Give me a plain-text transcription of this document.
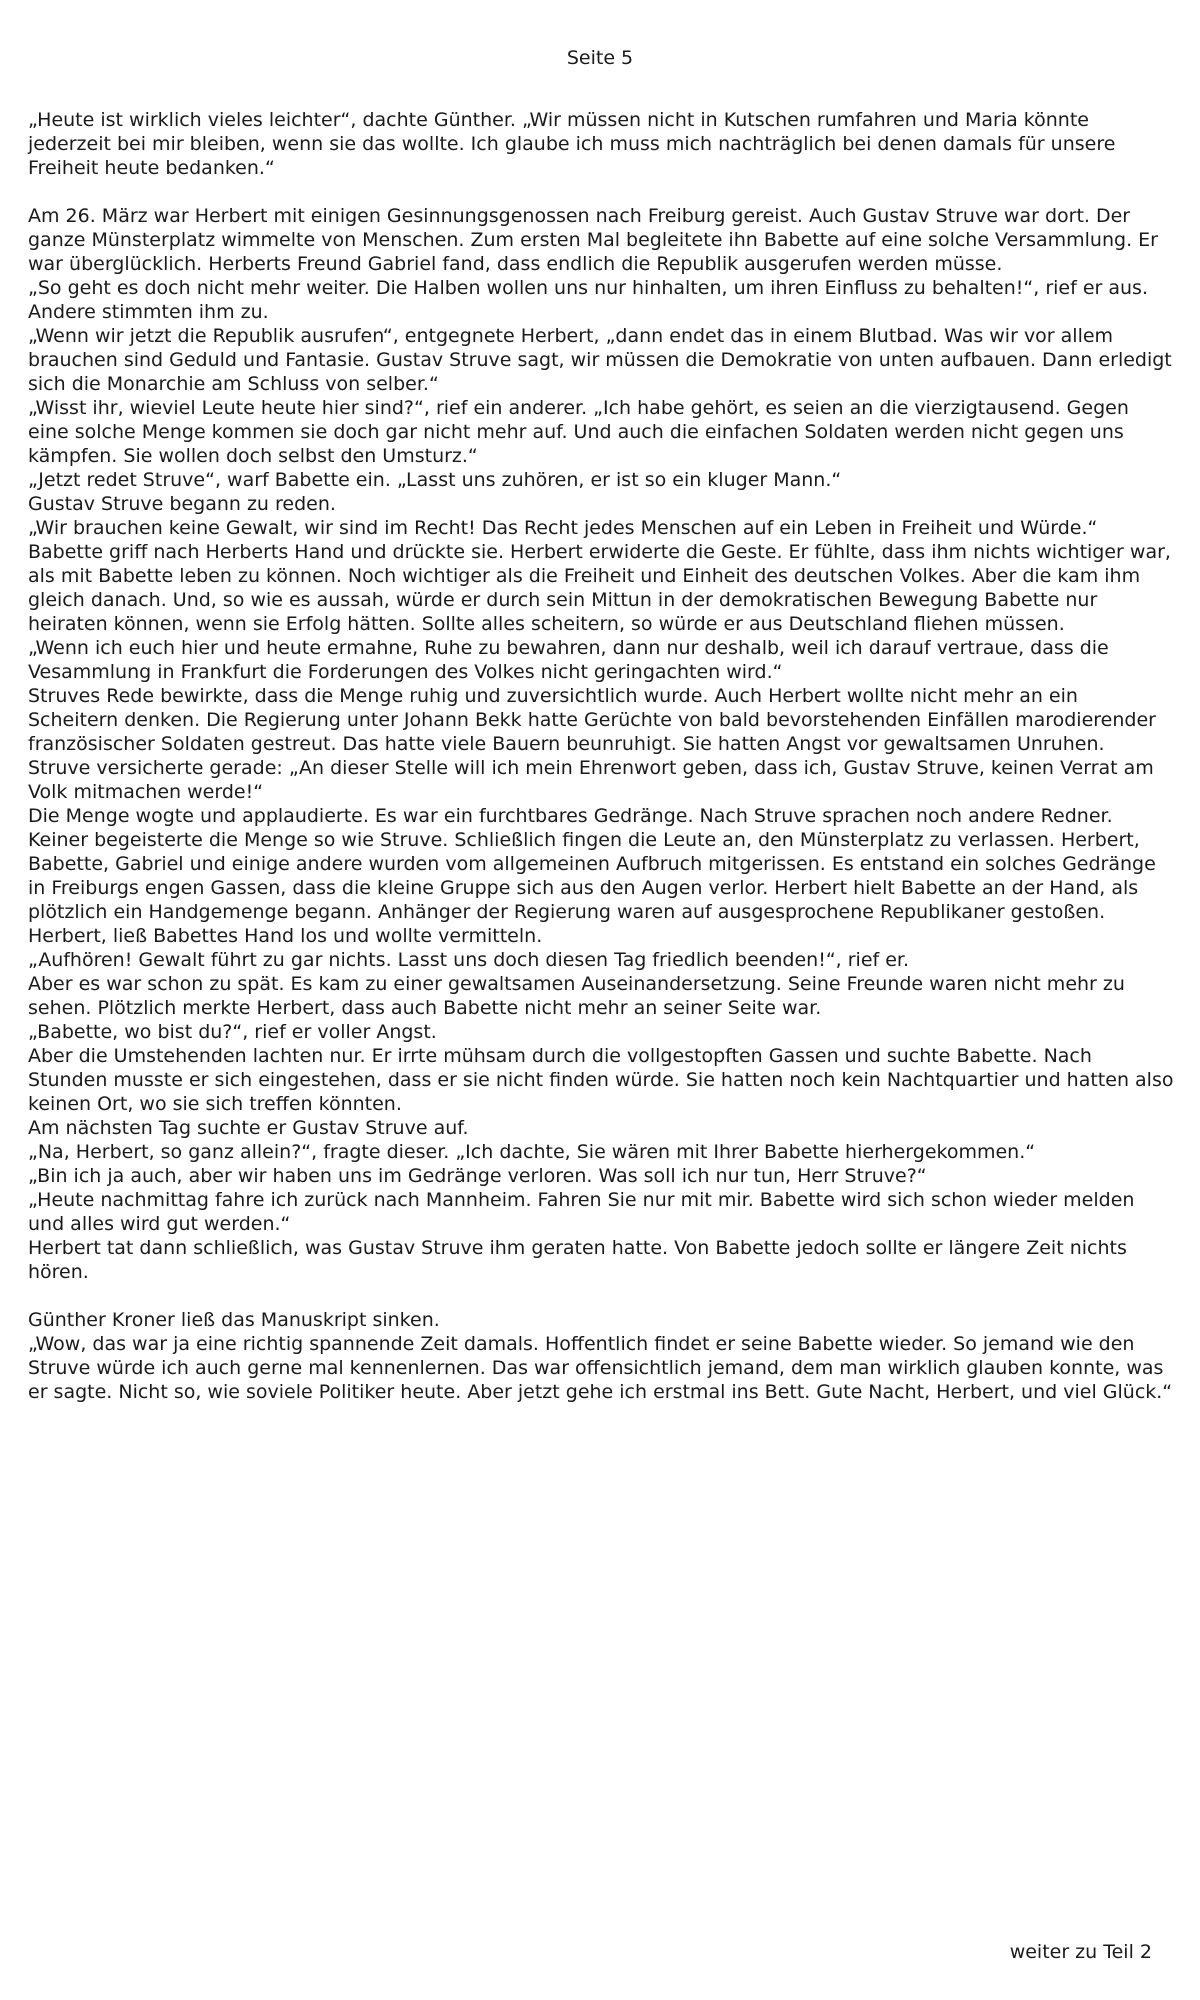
Seite 5

„Heute ist wirklich vieles leichter“, dachte Günther. „Wir müssen nicht in Kutschen rumfahren und Maria könnte jederzeit bei mir bleiben, wenn sie das wollte. Ich glaube ich muss mich nachträglich bei denen damals für unsere Freiheit heute bedanken.“

Am 26. März war Herbert mit einigen Gesinnungsgenossen nach Freiburg gereist. Auch Gustav Struve war dort. Der ganze Münsterplatz wimmelte von Menschen. Zum ersten Mal begleitete ihn Babette auf eine solche Versammlung. Er war überglücklich. Herberts Freund Gabriel fand, dass endlich die Republik ausgerufen werden müsse.

„So geht es doch nicht mehr weiter. Die Halben wollen uns nur hinhalten, um ihren Einfluss zu behalten!“, rief er aus.

Andere stimmten ihm zu.

„Wenn wir jetzt die Republik ausrufen“, entgegnete Herbert, „dann endet das in einem Blutbad. Was wir vor allem brauchen sind Geduld und Fantasie. Gustav Struve sagt, wir müssen die Demokratie von unten aufbauen. Dann erledigt sich die Monarchie am Schluss von selber.“

„Wisst ihr, wieviel Leute heute hier sind?“, rief ein anderer. „Ich habe gehört, es seien an die vierzigtausend. Gegen eine solche Menge kommen sie doch gar nicht mehr auf. Und auch die einfachen Soldaten werden nicht gegen uns kämpfen. Sie wollen doch selbst den Umsturz.“

„Jetzt redet Struve“, warf Babette ein. „Lasst uns zuhören, er ist so ein kluger Mann.“

Gustav Struve begann zu reden.

„Wir brauchen keine Gewalt, wir sind im Recht! Das Recht jedes Menschen auf ein Leben in Freiheit und Würde.“

Babette griff nach Herberts Hand und drückte sie. Herbert erwiderte die Geste. Er fühlte, dass ihm nichts wichtiger war, als mit Babette leben zu können. Noch wichtiger als die Freiheit und Einheit des deutschen Volkes. Aber die kam ihm gleich danach. Und, so wie es aussah, würde er durch sein Mittun in der demokratischen Bewegung Babette nur heiraten können, wenn sie Erfolg hätten. Sollte alles scheitern, so würde er aus Deutschland fliehen müssen.

„Wenn ich euch hier und heute ermahne, Ruhe zu bewahren, dann nur deshalb, weil ich darauf vertraue, dass die Vesammlung in Frankfurt die Forderungen des Volkes nicht geringachten wird.“

Struves Rede bewirkte, dass die Menge ruhig und zuversichtlich wurde. Auch Herbert wollte nicht mehr an ein Scheitern denken. Die Regierung unter Johann Bekk hatte Gerüchte von bald bevorstehenden Einfällen marodierender französischer Soldaten gestreut. Das hatte viele Bauern beunruhigt. Sie hatten Angst vor gewaltsamen Unruhen.

Struve versicherte gerade: „An dieser Stelle will ich mein Ehrenwort geben, dass ich, Gustav Struve, keinen Verrat am Volk mitmachen werde!“

Die Menge wogte und applaudierte. Es war ein furchtbares Gedränge. Nach Struve sprachen noch andere Redner. Keiner begeisterte die Menge so wie Struve. Schließlich fingen die Leute an, den Münsterplatz zu verlassen. Herbert, Babette, Gabriel und einige andere wurden vom allgemeinen Aufbruch mitgerissen. Es entstand ein solches Gedränge in Freiburgs engen Gassen, dass die kleine Gruppe sich aus den Augen verlor. Herbert hielt Babette an der Hand, als plötzlich ein Handgemenge begann. Anhänger der Regierung waren auf ausgesprochene Republikaner gestoßen. Herbert, ließ Babettes Hand los und wollte vermitteln.

„Aufhören! Gewalt führt zu gar nichts. Lasst uns doch diesen Tag friedlich beenden!“, rief er.

Aber es war schon zu spät. Es kam zu einer gewaltsamen Auseinandersetzung. Seine Freunde waren nicht mehr zu sehen. Plötzlich merkte Herbert, dass auch Babette nicht mehr an seiner Seite war.

„Babette, wo bist du?“, rief er voller Angst.

Aber die Umstehenden lachten nur. Er irrte mühsam durch die vollgestopften Gassen und suchte Babette. Nach Stunden musste er sich eingestehen, dass er sie nicht finden würde. Sie hatten noch kein Nachtquartier und hatten also keinen Ort, wo sie sich treffen könnten.

Am nächsten Tag suchte er Gustav Struve auf.

„Na, Herbert, so ganz allein?“, fragte dieser. „Ich dachte, Sie wären mit Ihrer Babette hierhergekommen.“

„Bin ich ja auch, aber wir haben uns im Gedränge verloren. Was soll ich nur tun, Herr Struve?“

„Heute nachmittag fahre ich zurück nach Mannheim. Fahren Sie nur mit mir. Babette wird sich schon wieder melden und alles wird gut werden.“

Herbert tat dann schließlich, was Gustav Struve ihm geraten hatte. Von Babette jedoch sollte er längere Zeit nichts hören.

Günther Kroner ließ das Manuskript sinken.

„Wow, das war ja eine richtig spannende Zeit damals. Hoffentlich findet er seine Babette wieder. So jemand wie den Struve würde ich auch gerne mal kennenlernen. Das war offensichtlich jemand, dem man wirklich glauben konnte, was er sagte. Nicht so, wie soviele Politiker heute. Aber jetzt gehe ich erstmal ins Bett. Gute Nacht, Herbert, und viel Glück.“

weiter zu Teil 2
